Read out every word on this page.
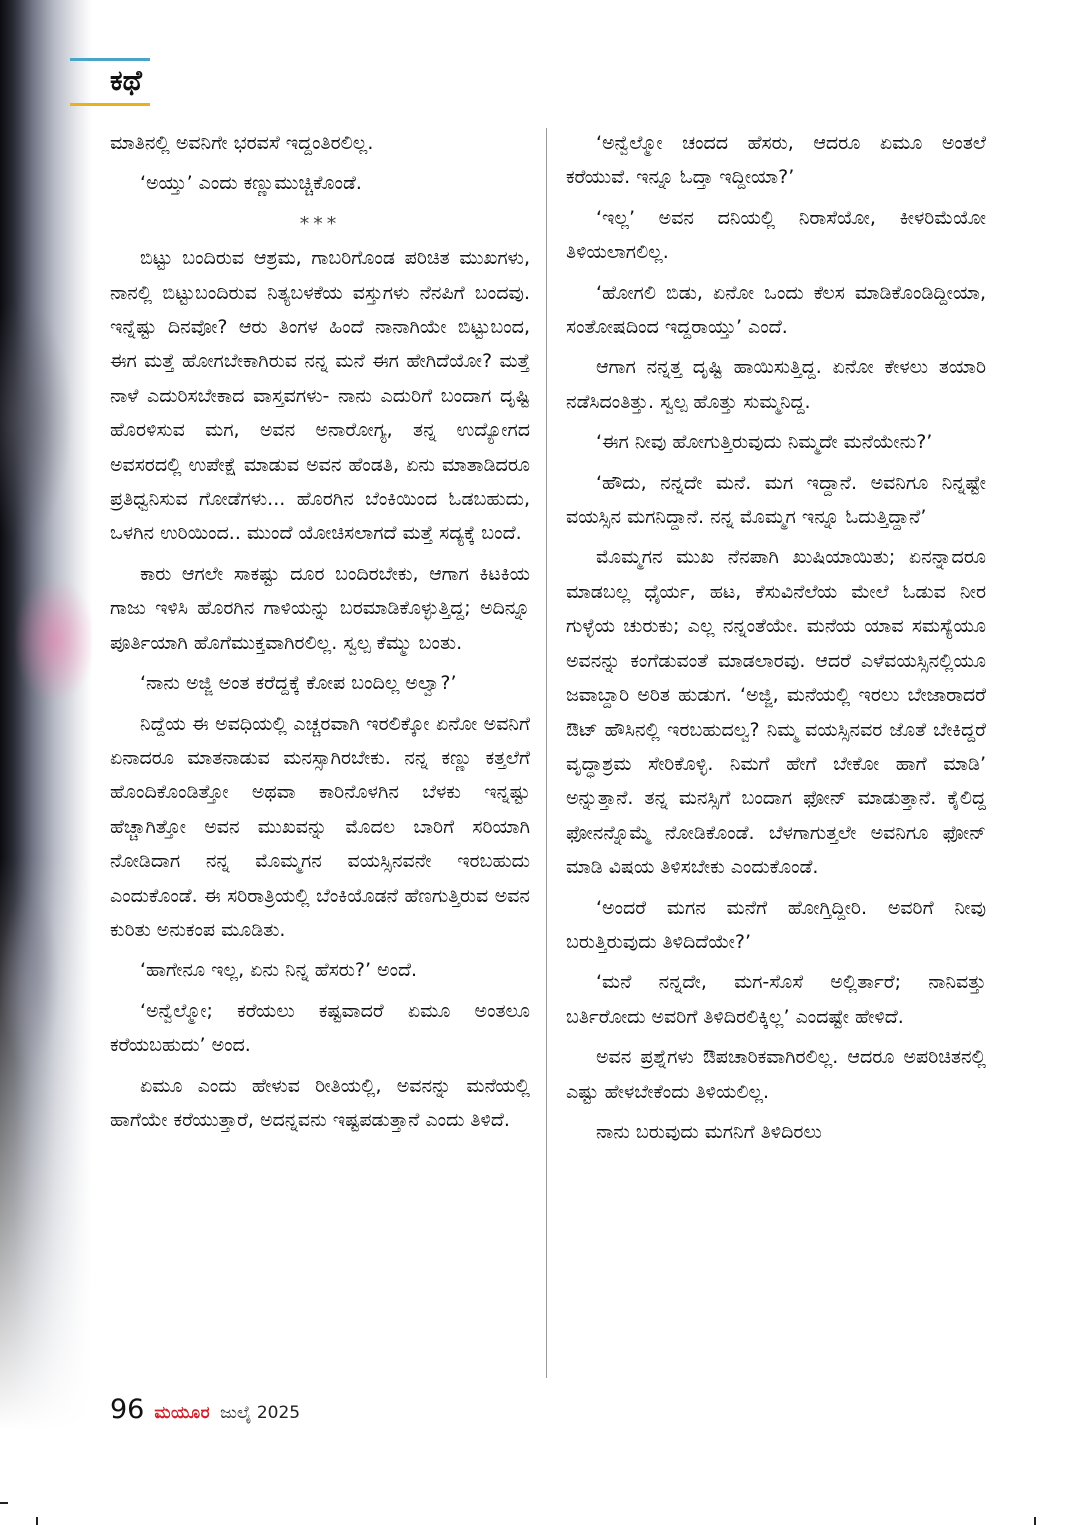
ಕಥೆ

ಮಾತಿನಲ್ಲಿ ಅವನಿಗೇ ಭರವಸೆ ಇದ್ದಂತಿರಲಿಲ್ಲ.

‘ಅಯ್ತು’ ಎಂದು ಕಣ್ಣುಮುಚ್ಚಿಕೊಂಡೆ.

***

ಬಿಟ್ಟು ಬಂದಿರುವ ಆಶ್ರಮ, ಗಾಬರಿಗೊಂಡ ಪರಿಚಿತ ಮುಖಗಳು, ನಾನಲ್ಲಿ ಬಿಟ್ಟುಬಂದಿರುವ ನಿತ್ಯಬಳಕೆಯ ವಸ್ತುಗಳು ನೆನಪಿಗೆ ಬಂದವು. ಇನ್ನೆಷ್ಟು ದಿನವೋ? ಆರು ತಿಂಗಳ ಹಿಂದೆ ನಾನಾಗಿಯೇ ಬಿಟ್ಟುಬಂದ, ಈಗ ಮತ್ತೆ ಹೋಗಬೇಕಾಗಿರುವ ನನ್ನ ಮನೆ ಈಗ ಹೇಗಿದೆಯೋ? ಮತ್ತೆ ನಾಳೆ ಎದುರಿಸಬೇಕಾದ ವಾಸ್ತವಗಳು- ನಾನು ಎದುರಿಗೆ ಬಂದಾಗ ದೃಷ್ಟಿ ಹೊರಳಿಸುವ ಮಗ, ಅವನ ಅನಾರೋಗ್ಯ, ತನ್ನ ಉದ್ಯೋಗದ ಅವಸರದಲ್ಲಿ ಉಪೇಕ್ಷೆ ಮಾಡುವ ಅವನ ಹೆಂಡತಿ, ಏನು ಮಾತಾಡಿದರೂ ಪ್ರತಿಧ್ವನಿಸುವ ಗೋಡೆಗಳು... ಹೊರಗಿನ ಬೆಂಕಿಯಿಂದ ಓಡಬಹುದು, ಒಳಗಿನ ಉರಿಯಿಂದ.. ಮುಂದೆ ಯೋಚಿಸಲಾಗದೆ ಮತ್ತೆ ಸದ್ಯಕ್ಕೆ ಬಂದೆ.

ಕಾರು ಆಗಲೇ ಸಾಕಷ್ಟು ದೂರ ಬಂದಿರಬೇಕು, ಆಗಾಗ ಕಿಟಕಿಯ ಗಾಜು ಇಳಿಸಿ ಹೊರಗಿನ ಗಾಳಿಯನ್ನು ಬರಮಾಡಿಕೊಳ್ಳುತ್ತಿದ್ದ; ಅದಿನ್ನೂ ಪೂರ್ತಿಯಾಗಿ ಹೊಗೆಮುಕ್ತವಾಗಿರಲಿಲ್ಲ. ಸ್ವಲ್ಪ ಕೆಮ್ಮು ಬಂತು.

‘ನಾನು ಅಜ್ಜಿ ಅಂತ ಕರೆದ್ದಕ್ಕೆ ಕೋಪ ಬಂದಿಲ್ಲ ಅಲ್ವಾ?’

ನಿದ್ದೆಯ ಈ ಅವಧಿಯಲ್ಲಿ ಎಚ್ಚರವಾಗಿ ಇರಲಿಕ್ಕೋ ಏನೋ ಅವನಿಗೆ ಏನಾದರೂ ಮಾತನಾಡುವ ಮನಸ್ಸಾಗಿರಬೇಕು. ನನ್ನ ಕಣ್ಣು ಕತ್ತಲೆಗೆ ಹೊಂದಿಕೊಂಡಿತ್ತೋ ಅಥವಾ ಕಾರಿನೊಳಗಿನ ಬೆಳಕು ಇನ್ನಷ್ಟು ಹೆಚ್ಚಾಗಿತ್ತೋ ಅವನ ಮುಖವನ್ನು ಮೊದಲ ಬಾರಿಗೆ ಸರಿಯಾಗಿ ನೋಡಿದಾಗ ನನ್ನ ಮೊಮ್ಮಗನ ವಯಸ್ಸಿನವನೇ ಇರಬಹುದು ಎಂದುಕೊಂಡೆ. ಈ ಸರಿರಾತ್ರಿಯಲ್ಲಿ ಬೆಂಕಿಯೊಡನೆ ಹೆಣಗುತ್ತಿರುವ ಅವನ ಕುರಿತು ಅನುಕಂಪ ಮೂಡಿತು.

‘ಹಾಗೇನೂ ಇಲ್ಲ, ಏನು ನಿನ್ನ ಹೆಸರು?’ ಅಂದೆ.

‘ಅನ್ವೆಲ್ಮೋ; ಕರೆಯಲು ಕಷ್ಟವಾದರೆ ಏಮೂ ಅಂತಲೂ ಕರೆಯಬಹುದು’ ಅಂದ.

ಏಮೂ ಎಂದು ಹೇಳುವ ರೀತಿಯಲ್ಲಿ, ಅವನನ್ನು ಮನೆಯಲ್ಲಿ ಹಾಗೆಯೇ ಕರೆಯುತ್ತಾರೆ, ಅದನ್ನವನು ಇಷ್ಟಪಡುತ್ತಾನೆ ಎಂದು ತಿಳಿದೆ.

‘ಅನ್ವೆಲ್ಮೋ ಚಂದದ ಹೆಸರು, ಆದರೂ ಏಮೂ ಅಂತಲೆ ಕರೆಯುವೆ. ಇನ್ನೂ ಓದ್ತಾ ಇದ್ದೀಯಾ?’

‘ಇಲ್ಲ’ ಅವನ ದನಿಯಲ್ಲಿ ನಿರಾಸೆಯೋ, ಕೀಳರಿಮೆಯೋ ತಿಳಿಯಲಾಗಲಿಲ್ಲ.

‘ಹೋಗಲಿ ಬಿಡು, ಏನೋ ಒಂದು ಕೆಲಸ ಮಾಡಿಕೊಂಡಿದ್ದೀಯಾ, ಸಂತೋಷದಿಂದ ಇದ್ದರಾಯ್ತು’ ಎಂದೆ.

ಆಗಾಗ ನನ್ನತ್ತ ದೃಷ್ಟಿ ಹಾಯಿಸುತ್ತಿದ್ದ. ಏನೋ ಕೇಳಲು ತಯಾರಿ ನಡೆಸಿದಂತಿತ್ತು. ಸ್ವಲ್ಪ ಹೊತ್ತು ಸುಮ್ಮನಿದ್ದ.

‘ಈಗ ನೀವು ಹೋಗುತ್ತಿರುವುದು ನಿಮ್ಮದೇ ಮನೆಯೇನು?’

‘ಹೌದು, ನನ್ನದೇ ಮನೆ. ಮಗ ಇದ್ದಾನೆ. ಅವನಿಗೂ ನಿನ್ನಷ್ಟೇ ವಯಸ್ಸಿನ ಮಗನಿದ್ದಾನೆ. ನನ್ನ ಮೊಮ್ಮಗ ಇನ್ನೂ ಓದುತ್ತಿದ್ದಾನೆ’

ಮೊಮ್ಮಗನ ಮುಖ ನೆನಪಾಗಿ ಖುಷಿಯಾಯಿತು; ಏನನ್ನಾದರೂ ಮಾಡಬಲ್ಲ ಧೈರ್ಯ, ಹಟ, ಕೆಸುವಿನೆಲೆಯ ಮೇಲೆ ಓಡುವ ನೀರ ಗುಳ್ಳೆಯ ಚುರುಕು; ಎಲ್ಲ ನನ್ನಂತೆಯೇ. ಮನೆಯ ಯಾವ ಸಮಸ್ಯೆಯೂ ಅವನನ್ನು ಕಂಗೆಡುವಂತೆ ಮಾಡಲಾರವು. ಆದರೆ ಎಳೆವಯಸ್ಸಿನಲ್ಲಿಯೂ ಜವಾಬ್ದಾರಿ ಅರಿತ ಹುಡುಗ. ‘ಅಜ್ಜಿ, ಮನೆಯಲ್ಲಿ ಇರಲು ಬೇಜಾರಾದರೆ ಔಟ್ ಹೌಸಿನಲ್ಲಿ ಇರಬಹುದಲ್ವ? ನಿಮ್ಮ ವಯಸ್ಸಿನವರ ಜೊತೆ ಬೇಕಿದ್ದರೆ ವೃದ್ಧಾಶ್ರಮ ಸೇರಿಕೊಳ್ಳಿ. ನಿಮಗೆ ಹೇಗೆ ಬೇಕೋ ಹಾಗೆ ಮಾಡಿ’ ಅನ್ನುತ್ತಾನೆ. ತನ್ನ ಮನಸ್ಸಿಗೆ ಬಂದಾಗ ಫೋನ್ ಮಾಡುತ್ತಾನೆ. ಕೈಲಿದ್ದ ಫೋನನ್ನೊಮ್ಮೆ ನೋಡಿಕೊಂಡೆ. ಬೆಳಗಾಗುತ್ತಲೇ ಅವನಿಗೂ ಫೋನ್ ಮಾಡಿ ವಿಷಯ ತಿಳಿಸಬೇಕು ಎಂದುಕೊಂಡೆ.

‘ಅಂದರೆ ಮಗನ ಮನೆಗೆ ಹೋಗ್ತಿದ್ದೀರಿ. ಅವರಿಗೆ ನೀವು ಬರುತ್ತಿರುವುದು ತಿಳಿದಿದೆಯೇ?’

‘ಮನೆ ನನ್ನದೇ, ಮಗ-ಸೊಸೆ ಅಲ್ಲಿರ್ತಾರೆ; ನಾನಿವತ್ತು ಬರ್ತಿರೋದು ಅವರಿಗೆ ತಿಳಿದಿರಲಿಕ್ಕಿಲ್ಲ’ ಎಂದಷ್ಟೇ ಹೇಳಿದೆ.

ಅವನ ಪ್ರಶ್ನೆಗಳು ಔಪಚಾರಿಕವಾಗಿರಲಿಲ್ಲ. ಆದರೂ ಅಪರಿಚಿತನಲ್ಲಿ ಎಷ್ಟು ಹೇಳಬೇಕೆಂದು ತಿಳಿಯಲಿಲ್ಲ.

ನಾನು ಬರುವುದು ಮಗನಿಗೆ ತಿಳಿದಿರಲು

96 ಮಯೂರ ಜುಲೈ 2025
